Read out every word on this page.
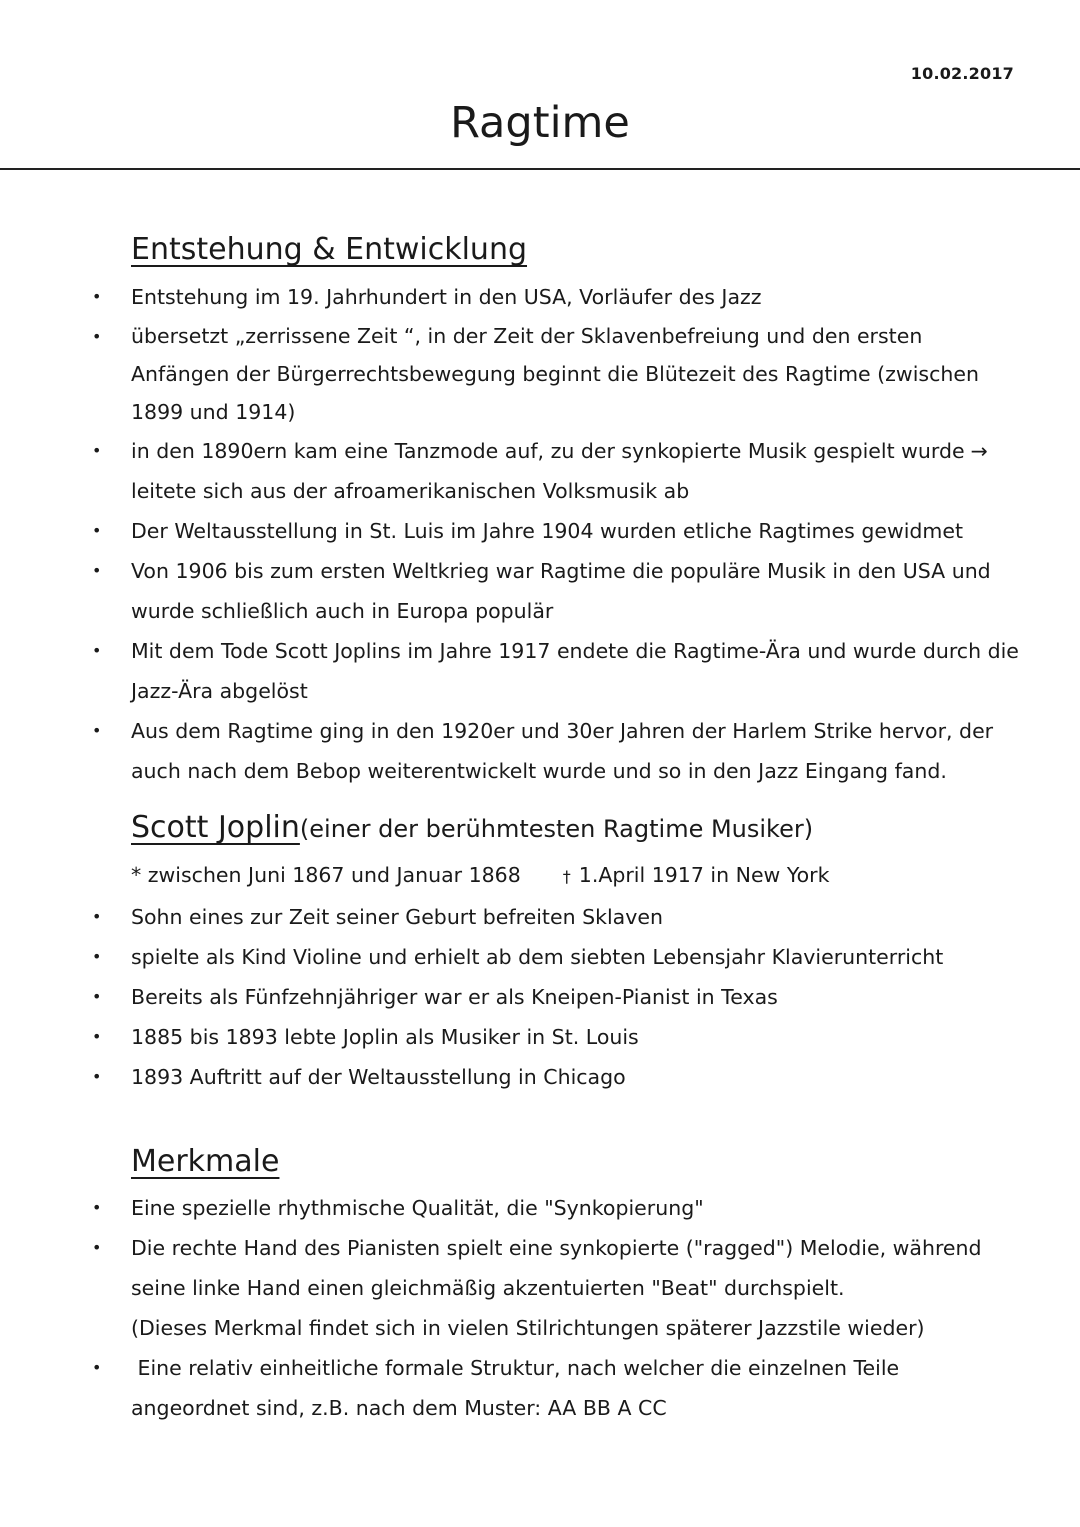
10.02.2017
Ragtime
Entstehung & Entwicklung
• Entstehung im 19. Jahrhundert in den USA, Vorläufer des Jazz
• übersetzt „zerrissene Zeit “, in der Zeit der Sklavenbefreiung und den ersten Anfängen der Bürgerrechtsbewegung beginnt die Blütezeit des Ragtime (zwischen 1899 und 1914)
• in den 1890ern kam eine Tanzmode auf, zu der synkopierte Musik gespielt wurde →
leitete sich aus der afroamerikanischen Volksmusik ab
• Der Weltausstellung in St. Luis im Jahre 1904 wurden etliche Ragtimes gewidmet
• Von 1906 bis zum ersten Weltkrieg war Ragtime die populäre Musik in den USA und wurde schließlich auch in Europa populär
• Mit dem Tode Scott Joplins im Jahre 1917 endete die Ragtime-Ära und wurde durch die Jazz-Ära abgelöst
• Aus dem Ragtime ging in den 1920er und 30er Jahren der Harlem Strike hervor, der auch nach dem Bebop weiterentwickelt wurde und so in den Jazz Eingang fand.
Scott Joplin(einer der berühmtesten Ragtime Musiker)
* zwischen Juni 1867 und Januar 1868	† 1.April 1917 in New York
• Sohn eines zur Zeit seiner Geburt befreiten Sklaven
• spielte als Kind Violine und erhielt ab dem siebten Lebensjahr Klavierunterricht
• Bereits als Fünfzehnjähriger war er als Kneipen-Pianist in Texas
• 1885 bis 1893 lebte Joplin als Musiker in St. Louis
• 1893 Auftritt auf der Weltausstellung in Chicago
Merkmale
• Eine spezielle rhythmische Qualität, die "Synkopierung"
• Die rechte Hand des Pianisten spielt eine synkopierte ("ragged") Melodie, während seine linke Hand einen gleichmäßig akzentuierten "Beat" durchspielt.
(Dieses Merkmal findet sich in vielen Stilrichtungen späterer Jazzstile wieder)
• Eine relativ einheitliche formale Struktur, nach welcher die einzelnen Teile angeordnet sind, z.B. nach dem Muster: AA BB A CC
